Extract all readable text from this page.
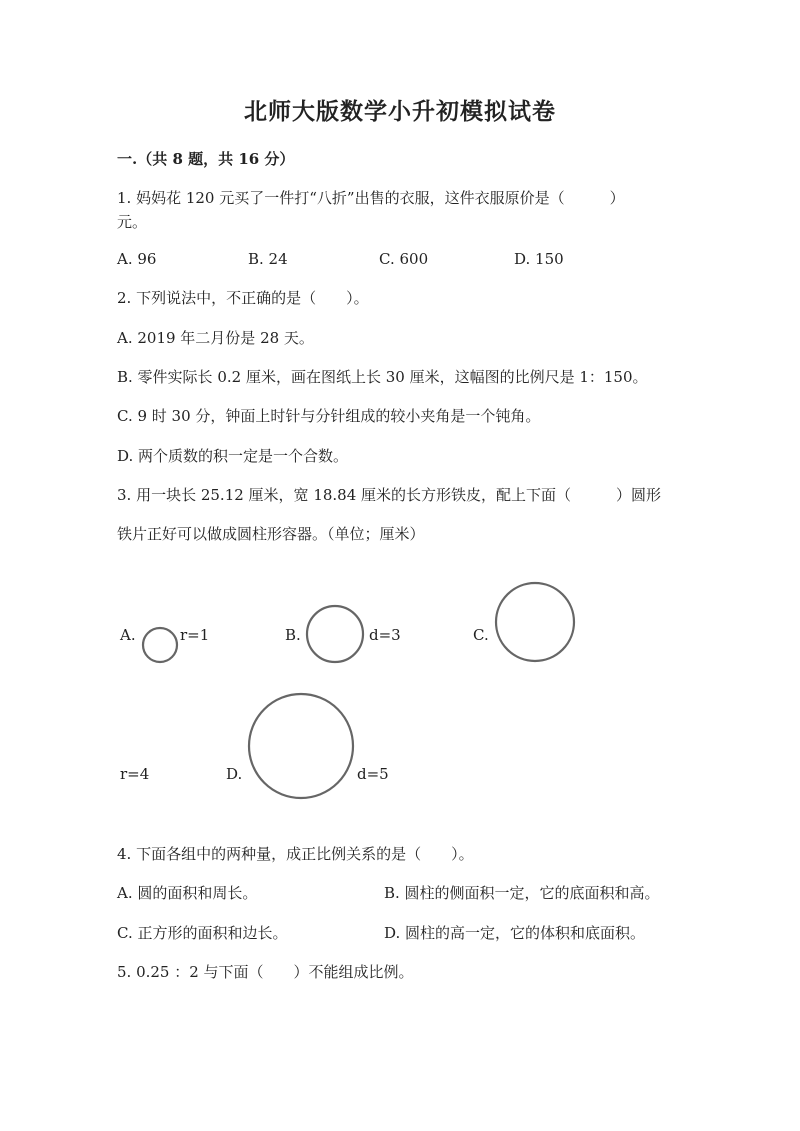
北师大版数学小升初模拟试卷
一.（共 8 题，共 16 分）
1. 妈妈花 120 元买了一件打“八折”出售的衣服，这件衣服原价是（　　　）
元。
A. 96	B. 24	C. 600	D. 150
2. 下列说法中，不正确的是（　　）。
A. 2019 年二月份是 28 天。
B. 零件实际长 0.2 厘米，画在图纸上长 30 厘米，这幅图的比例尺是 1：150。
C. 9 时 30 分，钟面上时针与分针组成的较小夹角是一个钝角。
D. 两个质数的积一定是一个合数。
3. 用一块长 25.12 厘米，宽 18.84 厘米的长方形铁皮，配上下面（　　　）圆形
铁片正好可以做成圆柱形容器。（单位；厘米）
A.	r=1	B.	d=3	C.
r=4	D.	d=5
4. 下面各组中的两种量，成正比例关系的是（　　）。
A. 圆的面积和周长。	B. 圆柱的侧面积一定，它的底面积和高。
C. 正方形的面积和边长。	D. 圆柱的高一定，它的体积和底面积。
5. 0.25 ：2 与下面（　　）不能组成比例。
